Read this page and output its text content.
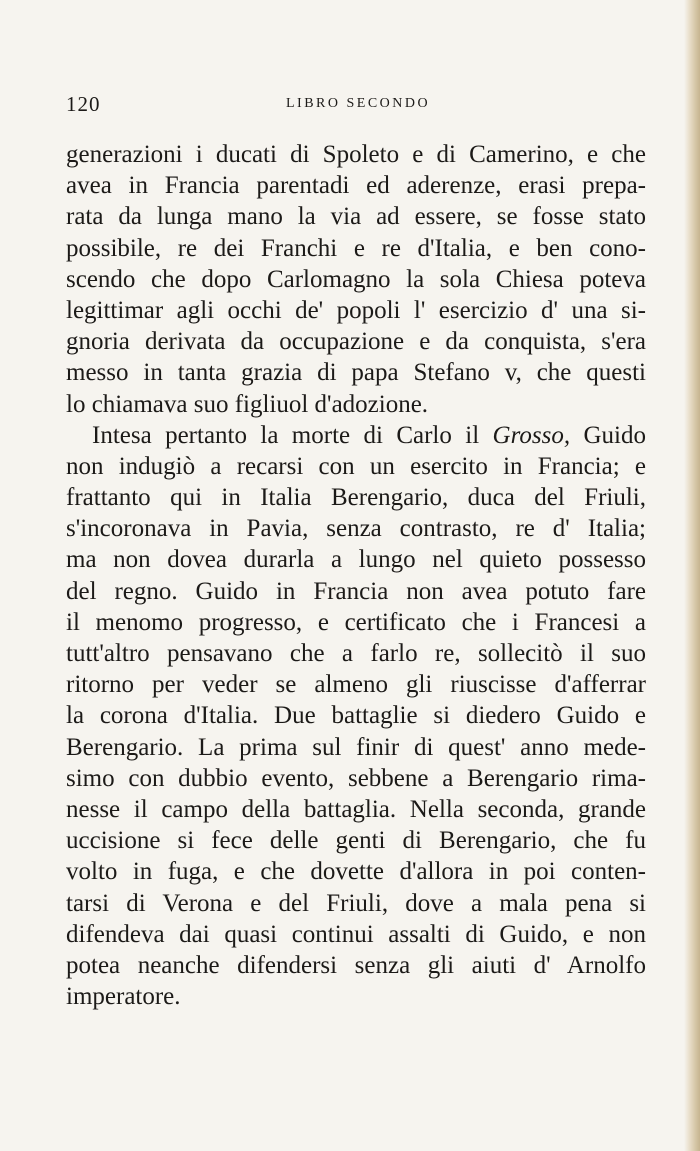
120	LIBRO SECONDO
generazioni i ducati di Spoleto e di Camerino, e che
avea in Francia parentadi ed aderenze, erasi prepa-
rata da lunga mano la via ad essere, se fosse stato
possibile, re dei Franchi e re d'Italia, e ben cono-
scendo che dopo Carlomagno la sola Chiesa poteva
legittimar agli occhi de' popoli l' esercizio d' una si-
gnoria derivata da occupazione e da conquista, s'era
messo in tanta grazia di papa Stefano v, che questi
lo chiamava suo figliuol d'adozione.
Intesa pertanto la morte di Carlo il Grosso, Guido
non indugiò a recarsi con un esercito in Francia; e
frattanto qui in Italia Berengario, duca del Friuli,
s'incoronava in Pavia, senza contrasto, re d' Italia;
ma non dovea durarla a lungo nel quieto possesso
del regno. Guido in Francia non avea potuto fare
il menomo progresso, e certificato che i Francesi a
tutt'altro pensavano che a farlo re, sollecitò il suo
ritorno per veder se almeno gli riuscisse d'afferrar
la corona d'Italia. Due battaglie si diedero Guido e
Berengario. La prima sul finir di quest' anno mede-
simo con dubbio evento, sebbene a Berengario rima-
nesse il campo della battaglia. Nella seconda, grande
uccisione si fece delle genti di Berengario, che fu
volto in fuga, e che dovette d'allora in poi conten-
tarsi di Verona e del Friuli, dove a mala pena si
difendeva dai quasi continui assalti di Guido, e non
potea neanche difendersi senza gli aiuti d' Arnolfo
imperatore.
